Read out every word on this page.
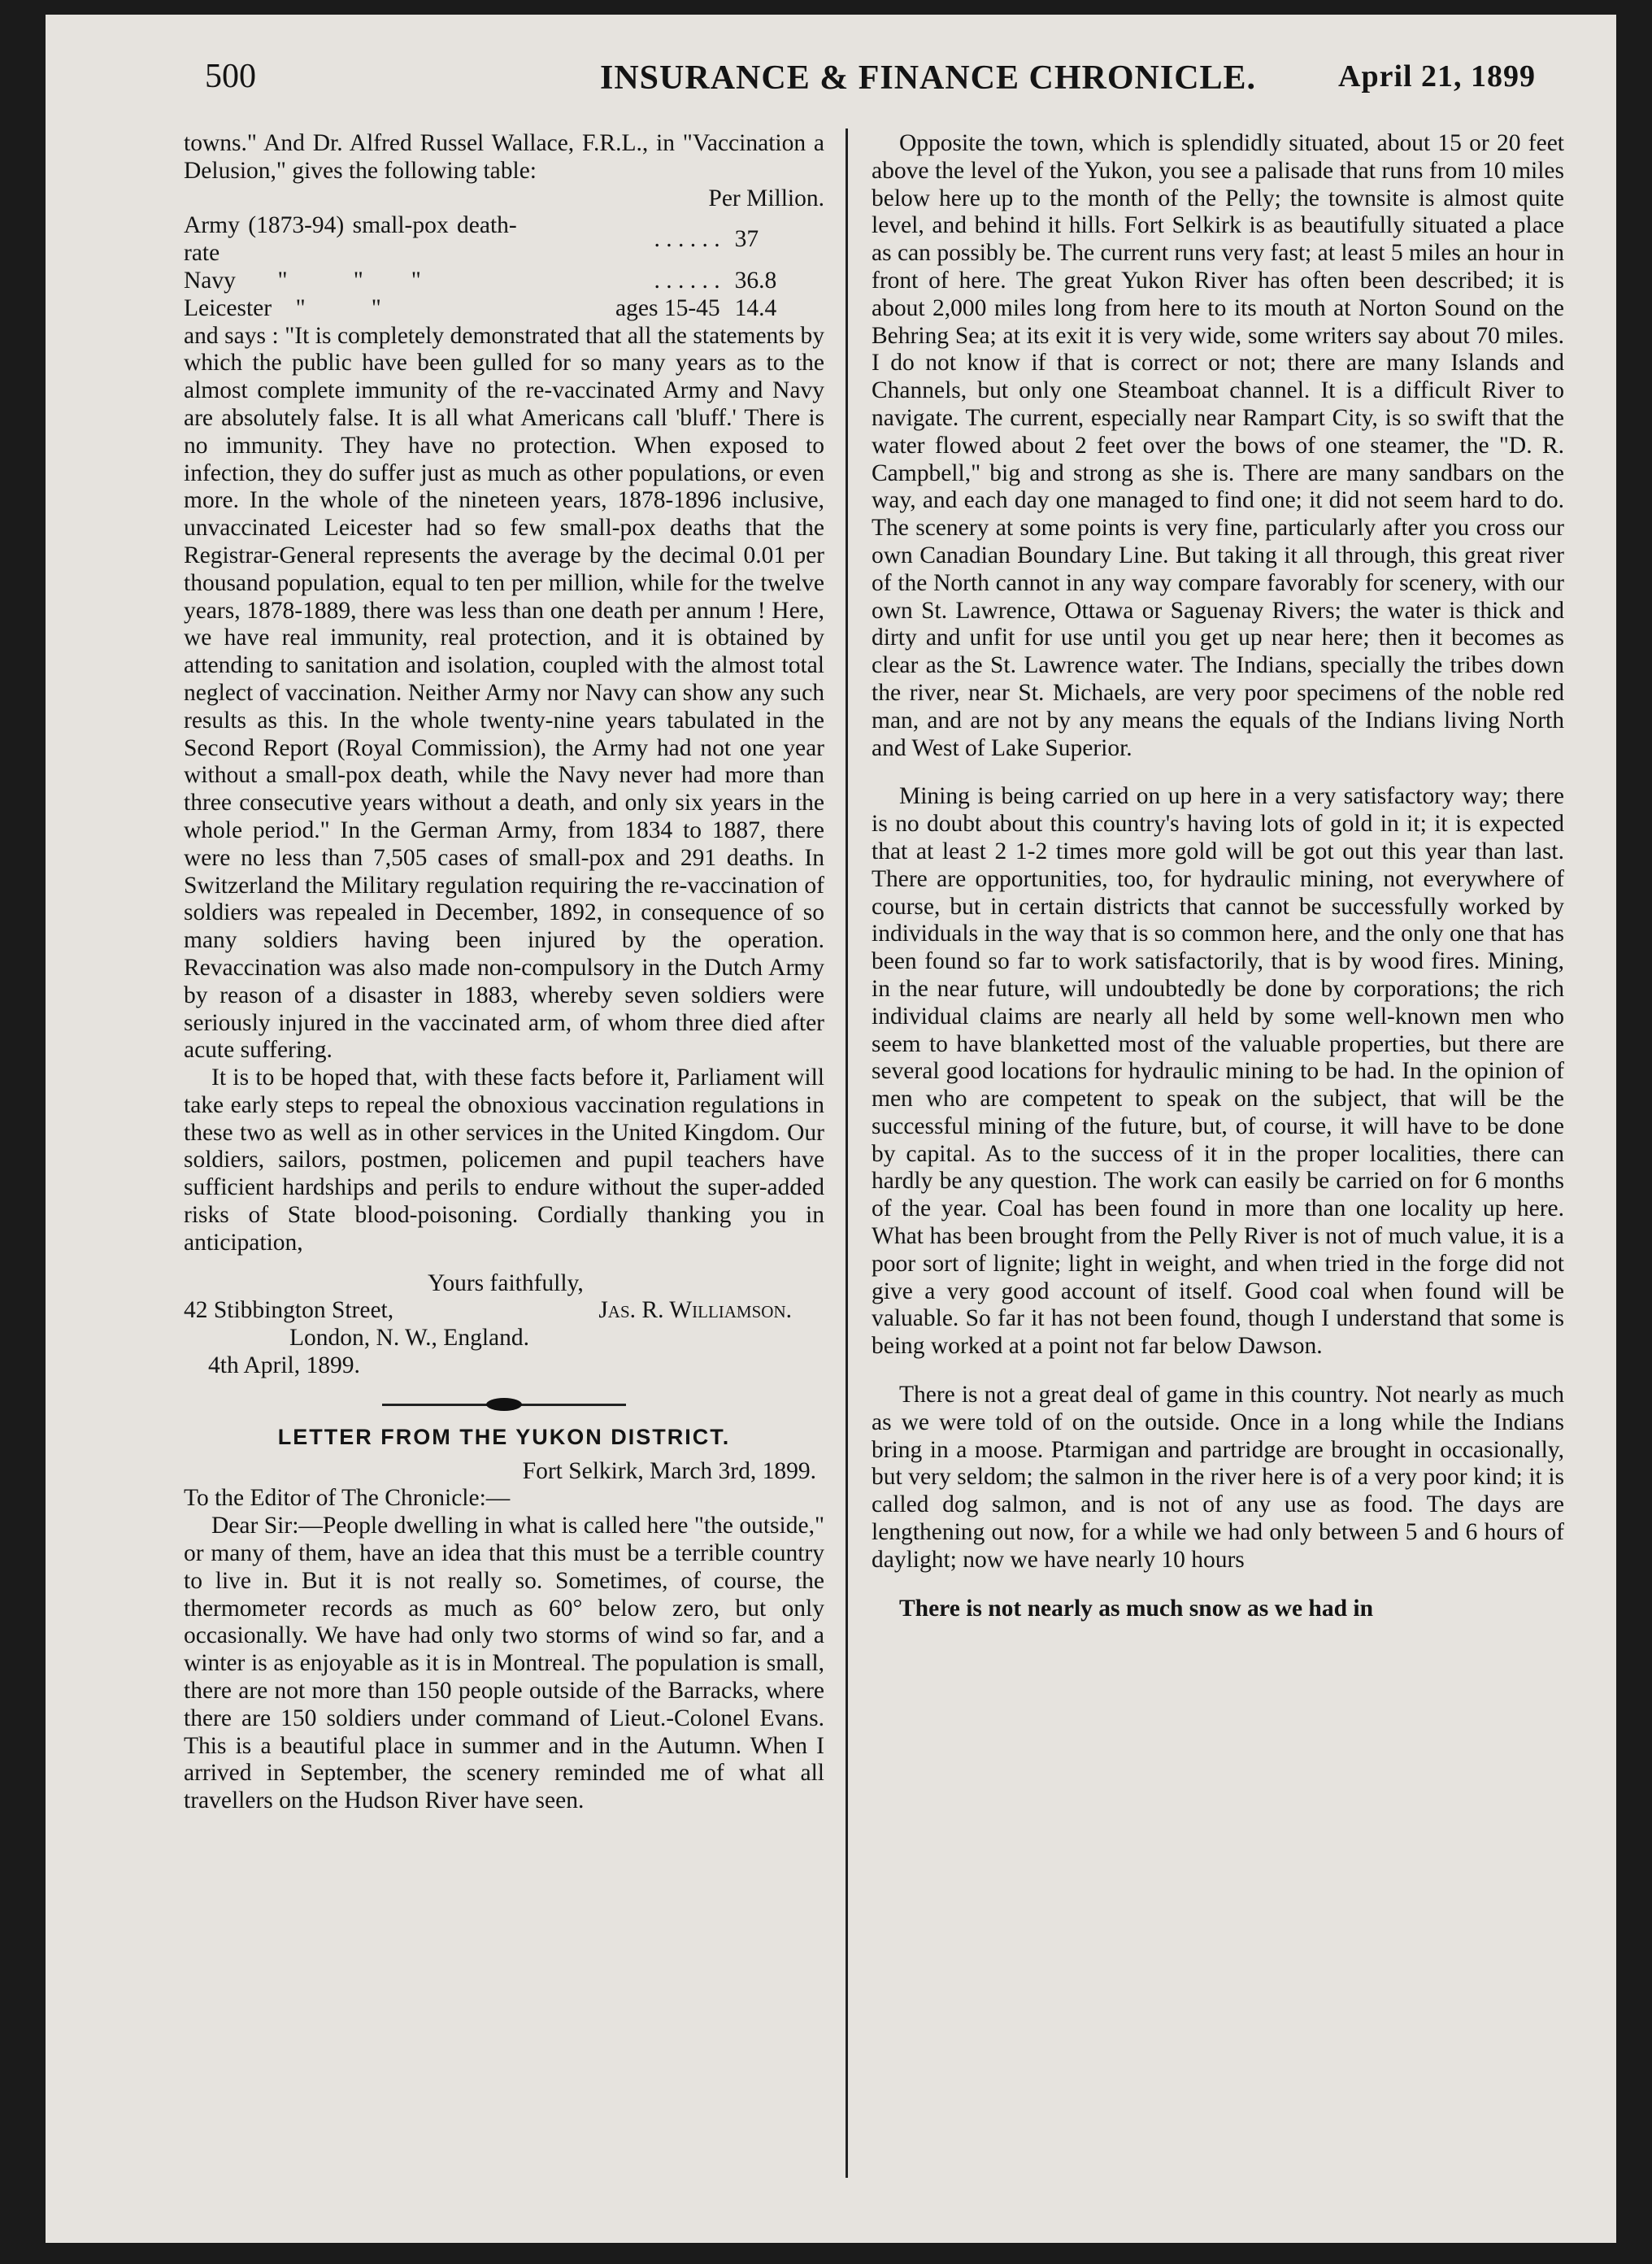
500	INSURANCE & FINANCE CHRONICLE.	April 21, 1899

towns." And Dr. Alfred Russel Wallace, F.R.L., in "Vaccination a Delusion," gives the following table:

Per Million.

Army (1873-94) small-pox death-rate	. . . . . .	37
Navy       "           "        "	. . . . . .	36.8
Leicester    "           "	ages 15-45	14.4

and says : "It is completely demonstrated that all the statements by which the public have been gulled for so many years as to the almost complete immunity of the re-vaccinated Army and Navy are absolutely false. It is all what Americans call 'bluff.' There is no immunity. They have no protection. When exposed to infection, they do suffer just as much as other populations, or even more. In the whole of the nineteen years, 1878-1896 inclusive, unvaccinated Leicester had so few small-pox deaths that the Registrar-General represents the average by the decimal 0.01 per thousand population, equal to ten per million, while for the twelve years, 1878-1889, there was less than one death per annum ! Here, we have real immunity, real protection, and it is obtained by attending to sanitation and isolation, coupled with the almost total neglect of vaccination. Neither Army nor Navy can show any such results as this. In the whole twenty-nine years tabulated in the Second Report (Royal Commission), the Army had not one year without a small-pox death, while the Navy never had more than three consecutive years without a death, and only six years in the whole period." In the German Army, from 1834 to 1887, there were no less than 7,505 cases of small-pox and 291 deaths. In Switzerland the Military regulation requiring the re-vaccination of soldiers was repealed in December, 1892, in consequence of so many soldiers having been injured by the operation. Revaccination was also made non-compulsory in the Dutch Army by reason of a disaster in 1883, whereby seven soldiers were seriously injured in the vaccinated arm, of whom three died after acute suffering.

It is to be hoped that, with these facts before it, Parliament will take early steps to repeal the obnoxious vaccination regulations in these two as well as in other services in the United Kingdom. Our soldiers, sailors, postmen, policemen and pupil teachers have sufficient hardships and perils to endure without the super-added risks of State blood-poisoning. Cordially thanking you in anticipation,

Yours faithfully,
42 Stibbington Street,	Jas. R. Williamson.
London, N. W., England.
4th April, 1899.
LETTER FROM THE YUKON DISTRICT.
Fort Selkirk, March 3rd, 1899.

To the Editor of The Chronicle:—

Dear Sir:—People dwelling in what is called here "the outside," or many of them, have an idea that this must be a terrible country to live in. But it is not really so. Sometimes, of course, the thermometer records as much as 60° below zero, but only occasionally. We have had only two storms of wind so far, and a winter is as enjoyable as it is in Montreal. The population is small, there are not more than 150 people outside of the Barracks, where there are 150 soldiers under command of Lieut.-Colonel Evans. This is a beautiful place in summer and in the Autumn. When I arrived in September, the scenery reminded me of what all travellers on the Hudson River have seen.

Opposite the town, which is splendidly situated, about 15 or 20 feet above the level of the Yukon, you see a palisade that runs from 10 miles below here up to the month of the Pelly; the townsite is almost quite level, and behind it hills. Fort Selkirk is as beautifully situated a place as can possibly be. The current runs very fast; at least 5 miles an hour in front of here. The great Yukon River has often been described; it is about 2,000 miles long from here to its mouth at Norton Sound on the Behring Sea; at its exit it is very wide, some writers say about 70 miles. I do not know if that is correct or not; there are many Islands and Channels, but only one Steamboat channel. It is a difficult River to navigate. The current, especially near Rampart City, is so swift that the water flowed about 2 feet over the bows of one steamer, the "D. R. Campbell," big and strong as she is. There are many sandbars on the way, and each day one managed to find one; it did not seem hard to do. The scenery at some points is very fine, particularly after you cross our own Canadian Boundary Line. But taking it all through, this great river of the North cannot in any way compare favorably for scenery, with our own St. Lawrence, Ottawa or Saguenay Rivers; the water is thick and dirty and unfit for use until you get up near here; then it becomes as clear as the St. Lawrence water. The Indians, specially the tribes down the river, near St. Michaels, are very poor specimens of the noble red man, and are not by any means the equals of the Indians living North and West of Lake Superior.

Mining is being carried on up here in a very satisfactory way; there is no doubt about this country's having lots of gold in it; it is expected that at least 2 1-2 times more gold will be got out this year than last. There are opportunities, too, for hydraulic mining, not everywhere of course, but in certain districts that cannot be successfully worked by individuals in the way that is so common here, and the only one that has been found so far to work satisfactorily, that is by wood fires. Mining, in the near future, will undoubtedly be done by corporations; the rich individual claims are nearly all held by some well-known men who seem to have blanketted most of the valuable properties, but there are several good locations for hydraulic mining to be had. In the opinion of men who are competent to speak on the subject, that will be the successful mining of the future, but, of course, it will have to be done by capital. As to the success of it in the proper localities, there can hardly be any question. The work can easily be carried on for 6 months of the year. Coal has been found in more than one locality up here. What has been brought from the Pelly River is not of much value, it is a poor sort of lignite; light in weight, and when tried in the forge did not give a very good account of itself. Good coal when found will be valuable. So far it has not been found, though I understand that some is being worked at a point not far below Dawson.

There is not a great deal of game in this country. Not nearly as much as we were told of on the outside. Once in a long while the Indians bring in a moose. Ptarmigan and partridge are brought in occasionally, but very seldom; the salmon in the river here is of a very poor kind; it is called dog salmon, and is not of any use as food. The days are lengthening out now, for a while we had only between 5 and 6 hours of daylight; now we have nearly 10 hours

There is not nearly as much snow as we had in
